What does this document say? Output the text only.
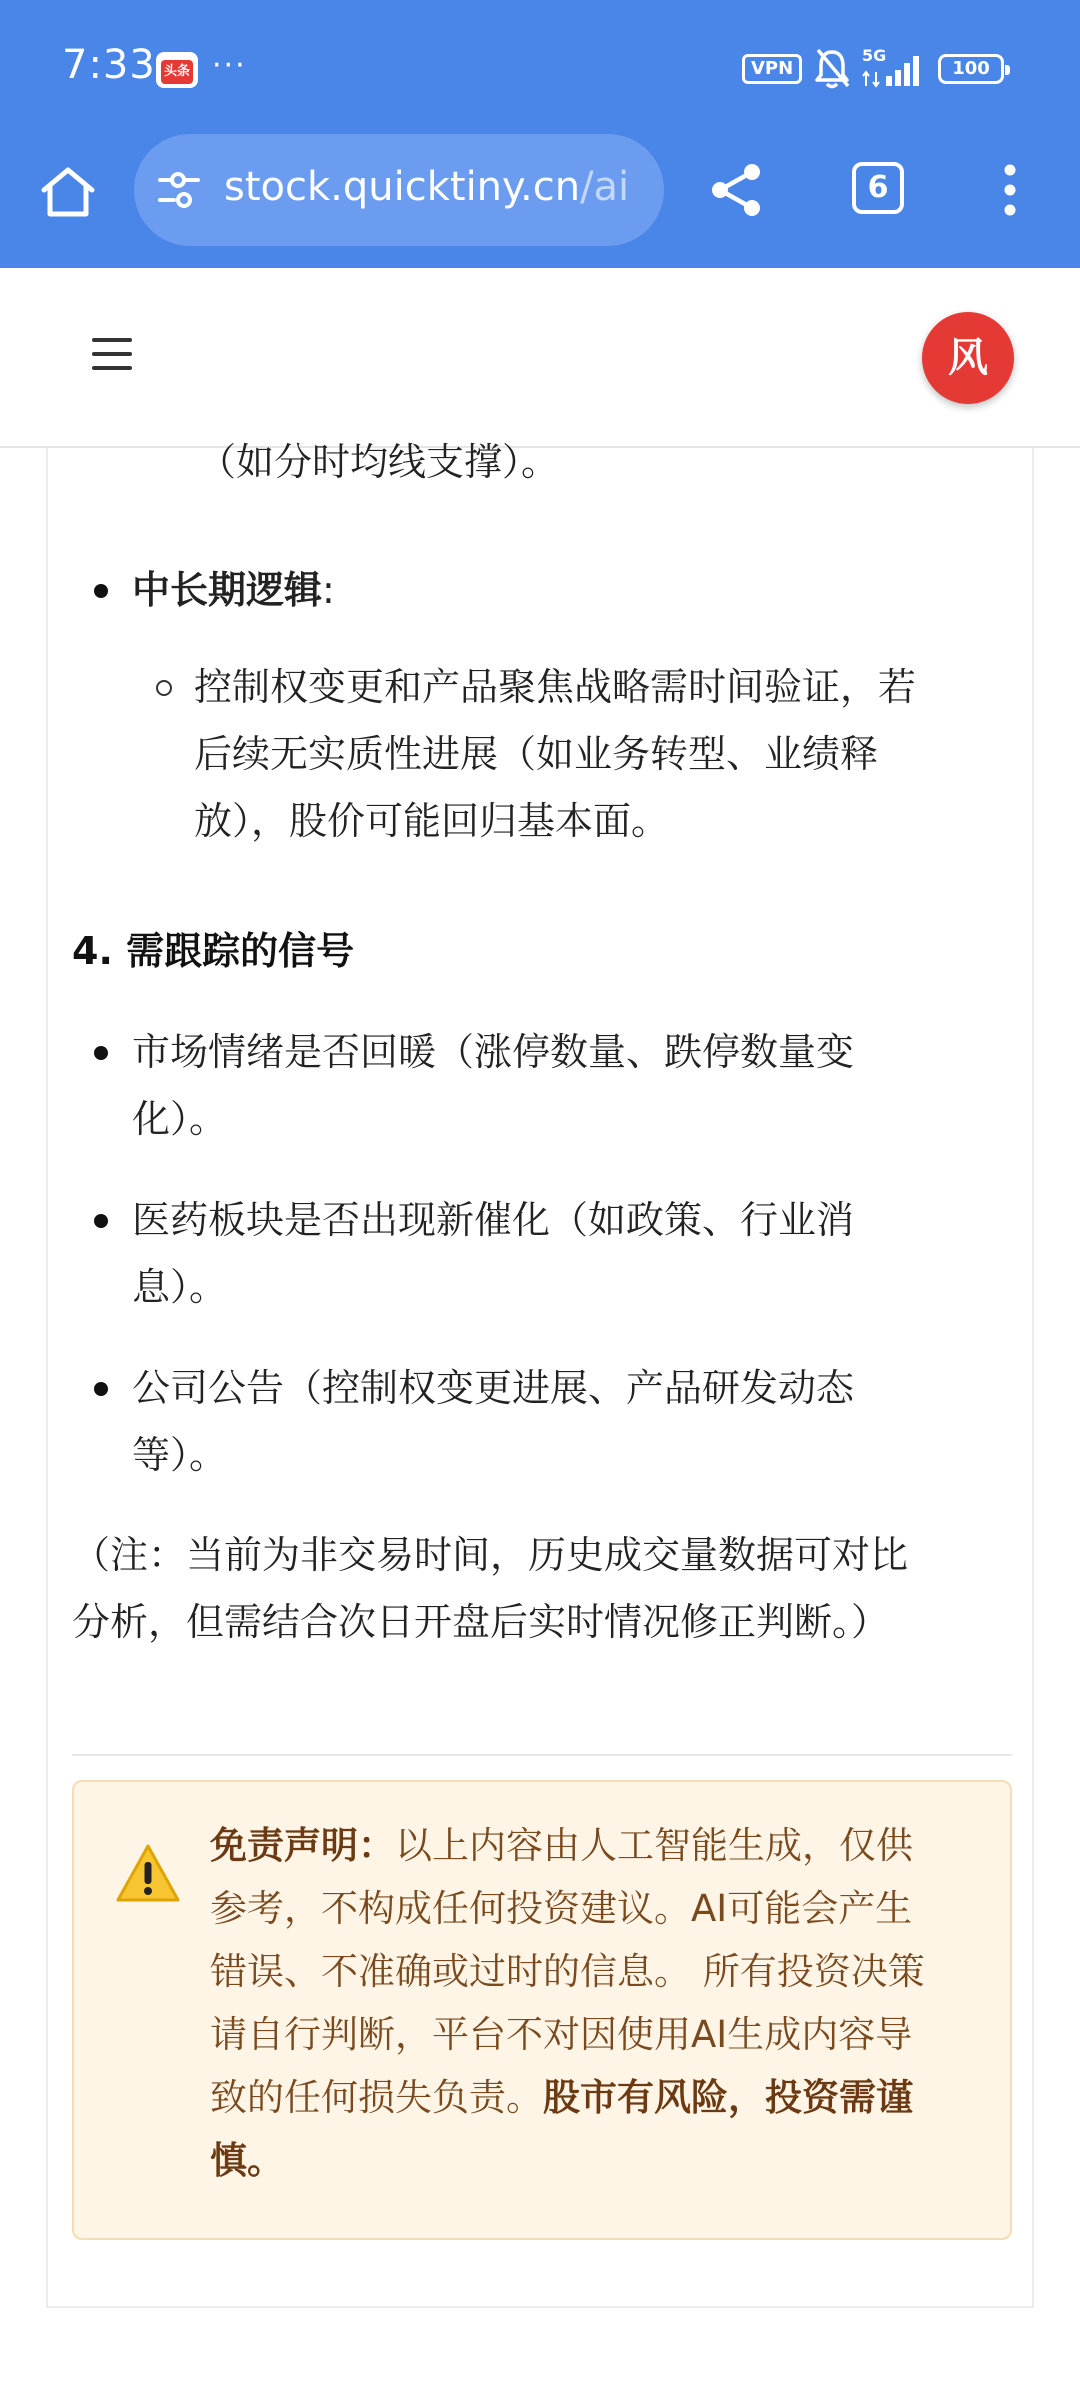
7:33 头条 ···	VPN
5G
100
stock.quicktiny.cn/ai	6
风
（如分时均线支撑）。
中长期逻辑:
控制权变更和产品聚焦战略需时间验证，若
后续无实质性进展（如业务转型、业绩释
放），股价可能回归基本面。
4. 需跟踪的信号
市场情绪是否回暖（涨停数量、跌停数量变
化）。
医药板块是否出现新催化（如政策、行业消
息）。
公司公告（控制权变更进展、产品研发动态
等）。
（注：当前为非交易时间，历史成交量数据可对比
分析，但需结合次日开盘后实时情况修正判断。）
免责声明：以上内容由人工智能生成，仅供
参考，不构成任何投资建议。AI可能会产生
错误、不准确或过时的信息。 所有投资决策
请自行判断，平台不对因使用AI生成内容导
致的任何损失负责。股市有风险，投资需谨
慎。
